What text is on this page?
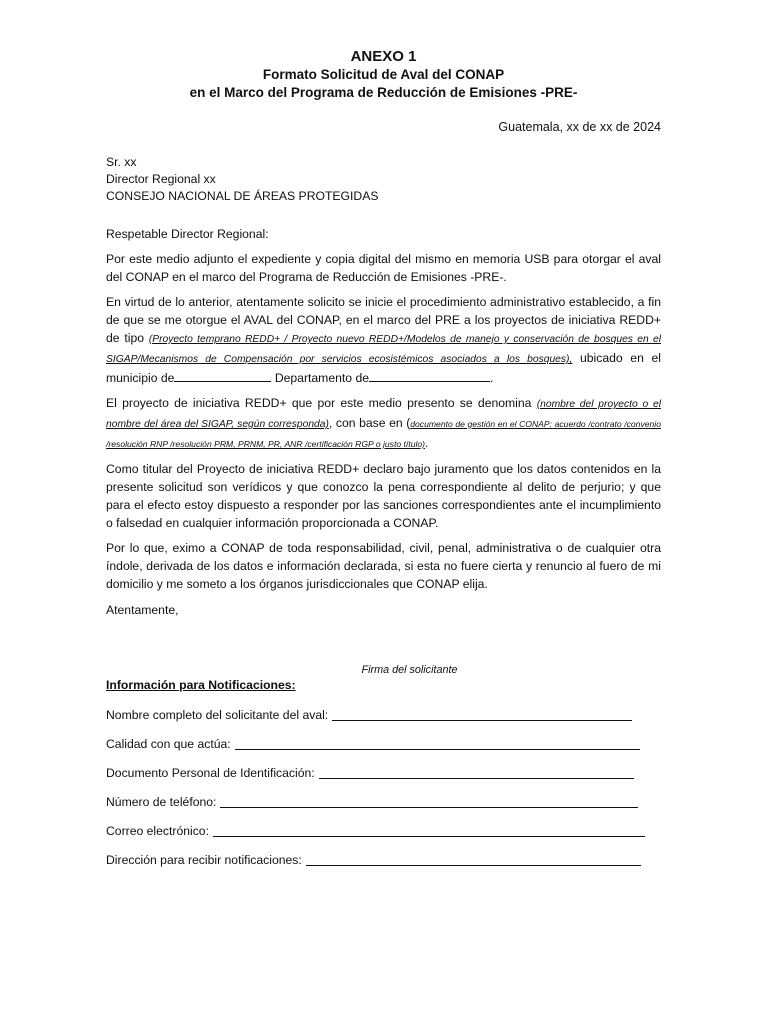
ANEXO 1

Formato Solicitud de Aval del CONAP

en el Marco del Programa de Reducción de Emisiones -PRE-

Guatemala, xx de xx de 2024
Sr. xx
Director Regional xx
CONSEJO NACIONAL DE ÁREAS PROTEGIDAS

Respetable Director Regional:

Por este medio adjunto el expediente y copia digital del mismo en memoria USB para otorgar el aval del CONAP en el marco del Programa de Reducción de Emisiones -PRE-.

En virtud de lo anterior, atentamente solicito se inicie el procedimiento administrativo establecido, a fin de que se me otorgue el AVAL del CONAP, en el marco del PRE a los proyectos de iniciativa REDD+ de tipo (Proyecto temprano REDD+ / Proyecto nuevo REDD+/Modelos de manejo y conservación de bosques en el SIGAP/Mecanismos de Compensación por servicios ecosistémicos asociados a los bosques), ubicado en el municipio de	Departamento de	.

El proyecto de iniciativa REDD+ que por este medio presento se denomina (nombre del proyecto o el nombre del área del SIGAP, según corresponda), con base en (documento de gestión en el CONAP: acuerdo /contrato /convenio /resolución RNP /resolución PRM, PRNM, PR, ANR /certificación RGP o justo título).

Como titular del Proyecto de iniciativa REDD+ declaro bajo juramento que los datos contenidos en la presente solicitud son verídicos y que conozco la pena correspondiente al delito de perjurio; y que para el efecto estoy dispuesto a responder por las sanciones correspondientes ante el incumplimiento o falsedad en cualquier información proporcionada a CONAP.

Por lo que, eximo a CONAP de toda responsabilidad, civil, penal, administrativa o de cualquier otra índole, derivada de los datos e información declarada, si esta no fuere cierta y renuncio al fuero de mi domicilio y me someto a los órganos jurisdiccionales que CONAP elija.

Atentamente,

Firma del solicitante
Información para Notificaciones:
Nombre completo del solicitante del aval:
Calidad con que actúa:
Documento Personal de Identificación:
Número de teléfono:
Correo electrónico:
Dirección para recibir notificaciones:
